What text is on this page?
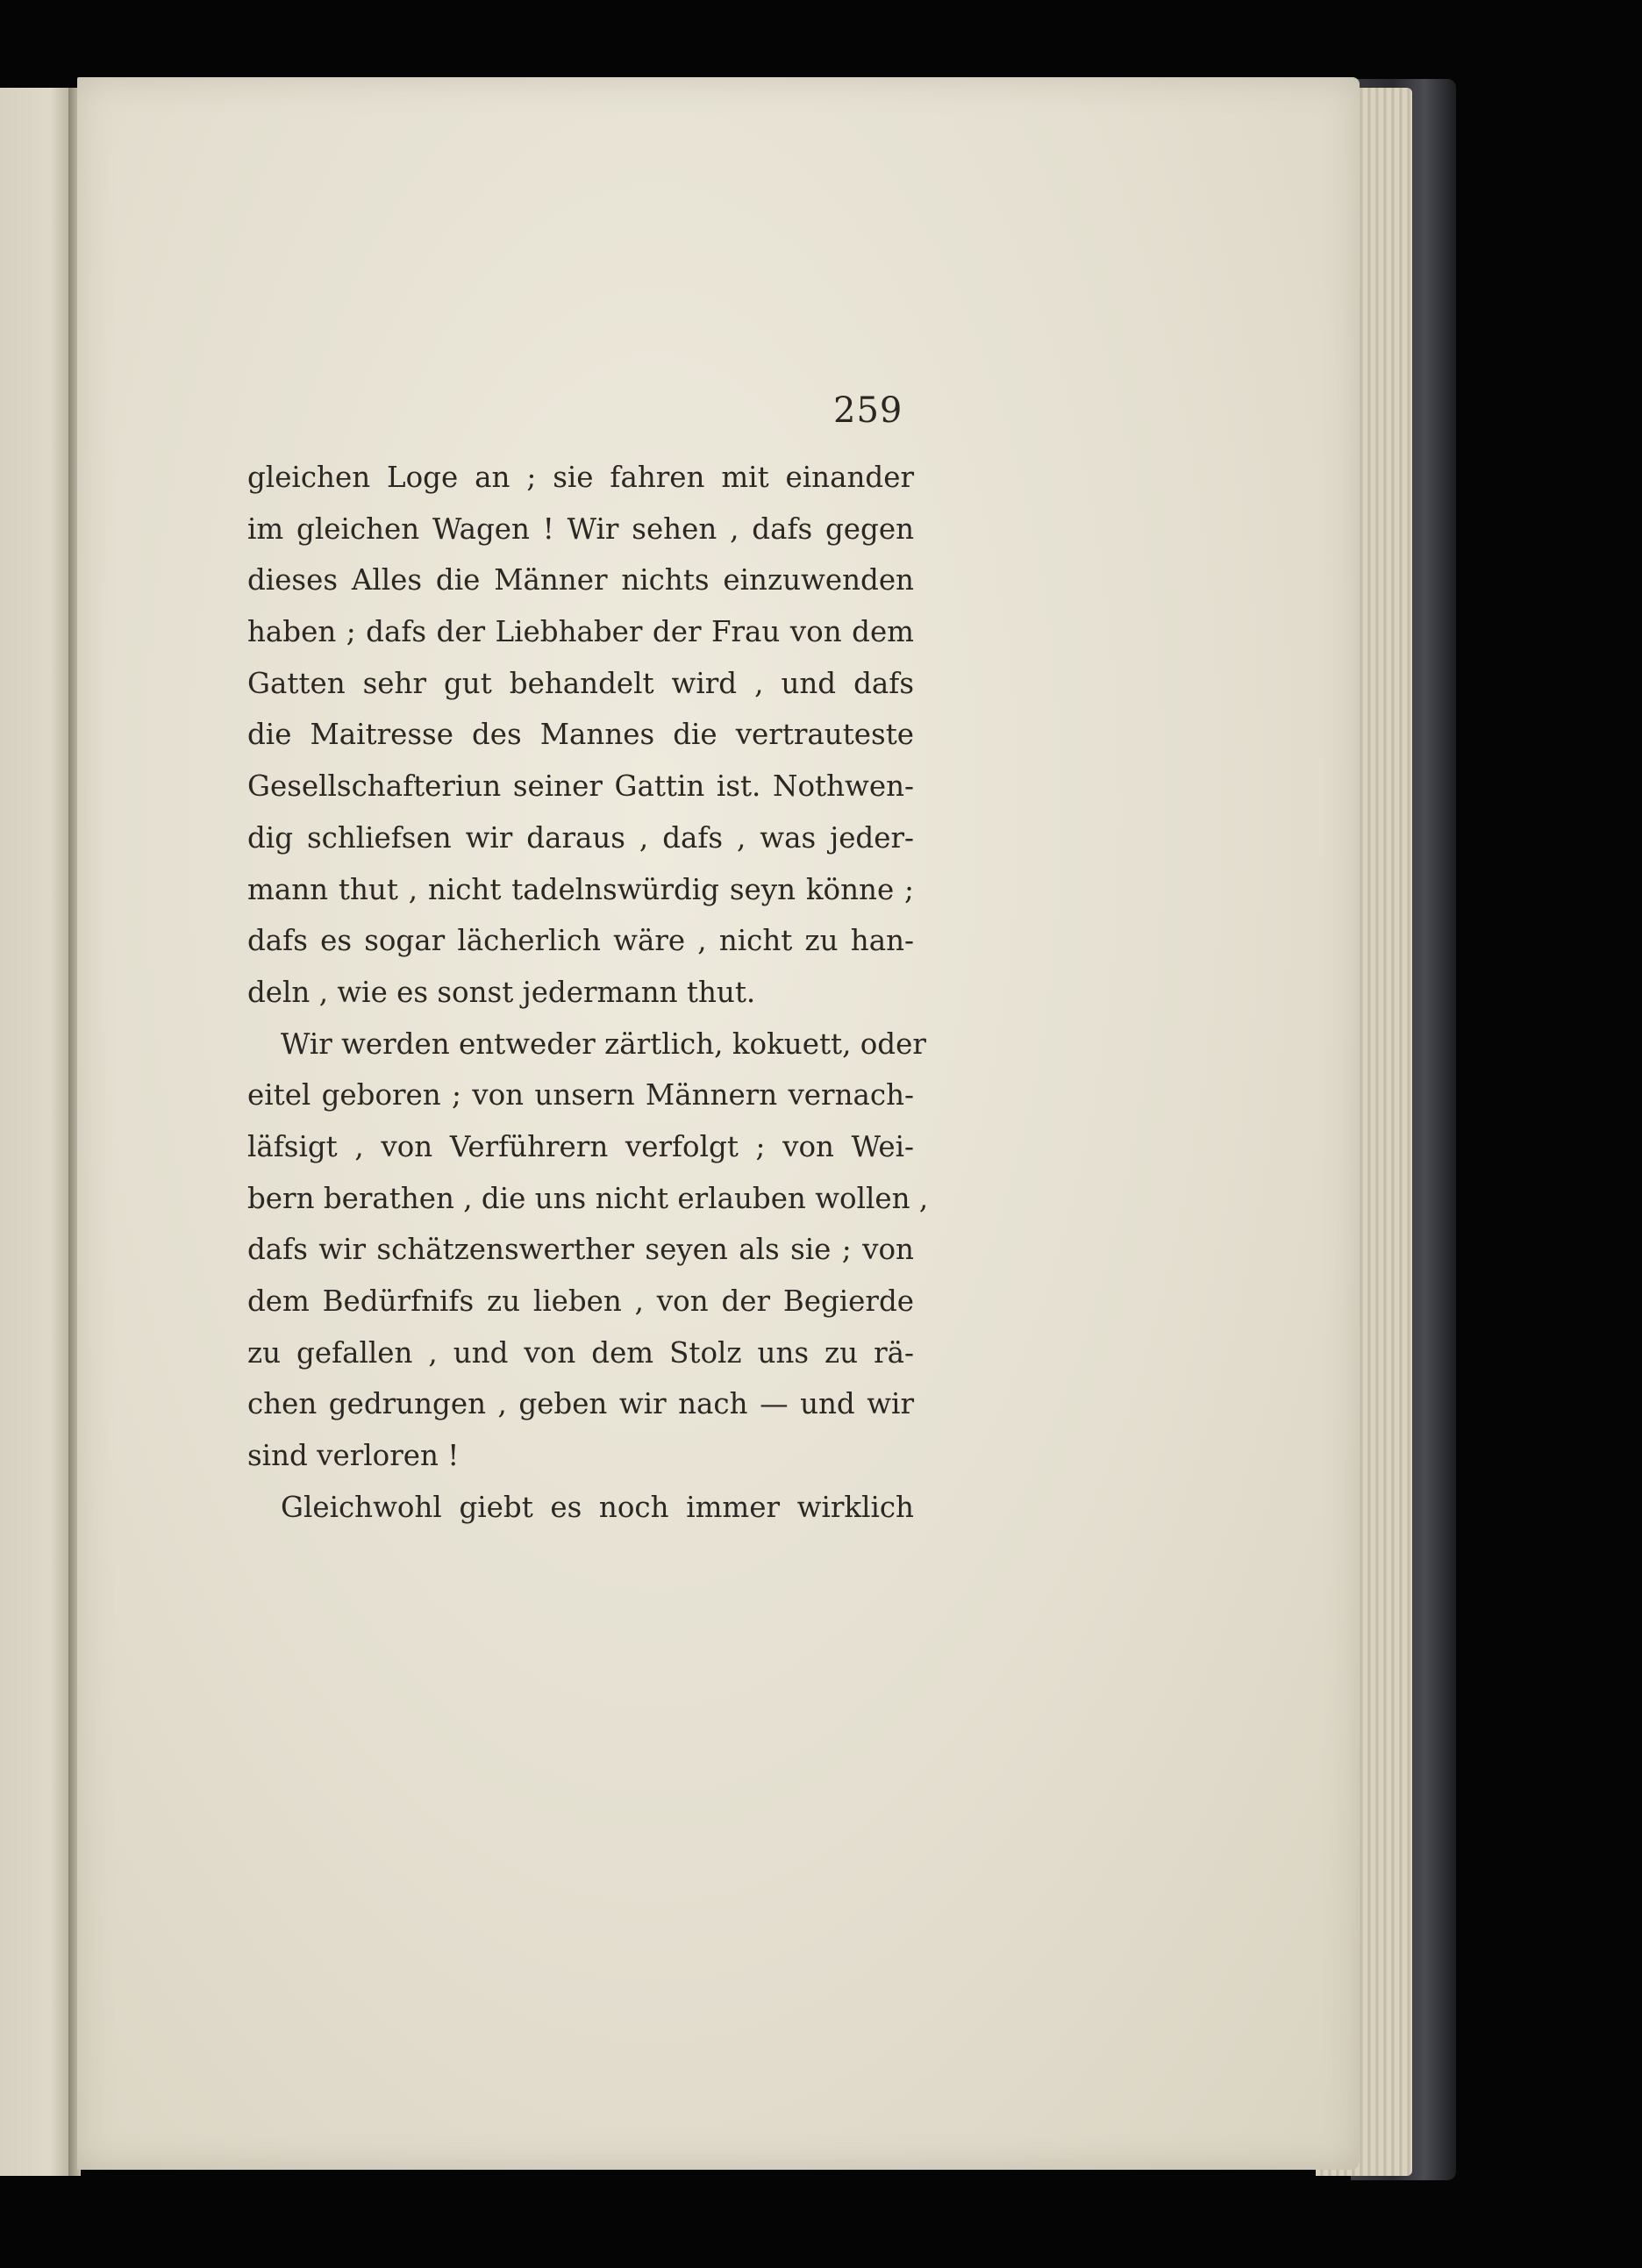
259
gleichen Loge an ; sie fahren mit einander
im gleichen Wagen ! Wir sehen , dafs gegen
dieses Alles die Männer nichts einzuwenden
haben ; dafs der Liebhaber der Frau von dem
Gatten sehr gut behandelt wird , und dafs
die Maitresse des Mannes die vertrauteste
Gesellschafteriun seiner Gattin ist. Nothwen-
dig schliefsen wir daraus , dafs , was jeder-
mann thut , nicht tadelnswürdig seyn könne ;
dafs es sogar lächerlich wäre , nicht zu han-
deln , wie es sonst jedermann thut.
Wir werden entweder zärtlich, kokuett, oder
eitel geboren ; von unsern Männern vernach-
läfsigt , von Verführern verfolgt ; von Wei-
bern berathen , die uns nicht erlauben wollen ,
dafs wir schätzenswerther seyen als sie ; von
dem Bedürfnifs zu lieben , von der Begierde
zu gefallen , und von dem Stolz uns zu rä-
chen gedrungen , geben wir nach — und wir
sind verloren !
Gleichwohl giebt es noch immer wirklich
